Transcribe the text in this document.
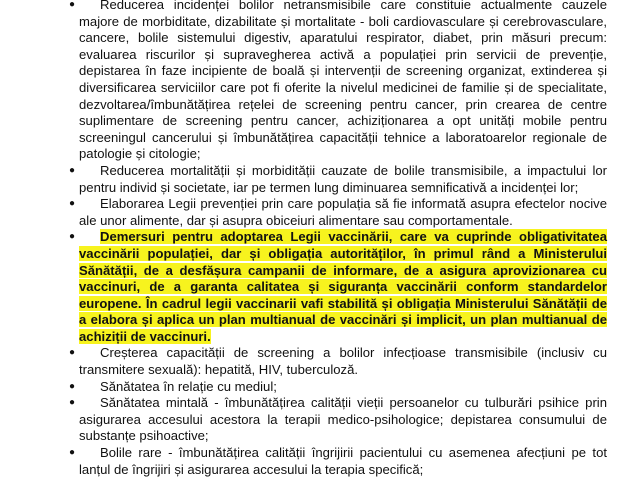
● Reducerea incidenței bolilor netransmisibile care constituie actualmente cauzele majore de morbiditate, dizabilitate și mortalitate - boli cardiovasculare și cerebrovasculare, cancere, bolile sistemului digestiv, aparatului respirator, diabet, prin măsuri precum: evaluarea riscurilor și supravegherea activă a populației prin servicii de prevenție, depistarea în faze incipiente de boală și intervenții de screening organizat, extinderea și diversificarea serviciilor care pot fi oferite la nivelul medicinei de familie și de specialitate, dezvoltarea/îmbunătățirea rețelei de screening pentru cancer, prin crearea de centre suplimentare de screening pentru cancer, achiziționarea a opt unități mobile pentru screeningul cancerului și îmbunătățirea capacității tehnice a laboratoarelor regionale de patologie și citologie;
● Reducerea mortalității și morbidității cauzate de bolile transmisibile, a impactului lor pentru individ și societate, iar pe termen lung diminuarea semnificativă a incidenței lor;
● Elaborarea Legii prevenției prin care populația să fie informată asupra efectelor nocive ale unor alimente, dar și asupra obiceiuri alimentare sau comportamentale.
● Demersuri pentru adoptarea Legii vaccinării, care va cuprinde obligativitatea vaccinării populației, dar și obligația autorităților, în primul rând a Ministerului Sănătății, de a desfășura campanii de informare, de a asigura aprovizionarea cu vaccinuri, de a garanta calitatea și siguranța vaccinării conform standardelor europene. În cadrul legii vaccinarii vafi stabilită și obligația Ministerului Sănătății de a elabora și aplica un plan multianual de vaccinări și implicit, un plan multianual de achiziții de vaccinuri.
● Creșterea capacității de screening a bolilor infecțioase transmisibile (inclusiv cu transmitere sexuală): hepatită, HIV, tuberculoză.
● Sănătatea în relație cu mediul;
● Sănătatea mintală - îmbunătățirea calității vieții persoanelor cu tulburări psihice prin asigurarea accesului acestora la terapii medico-psihologice; depistarea consumului de substanțe psihoactive;
● Bolile rare - îmbunătățirea calității îngrijirii pacientului cu asemenea afecțiuni pe tot lanțul de îngrijiri și asigurarea accesului la terapia specifică;
